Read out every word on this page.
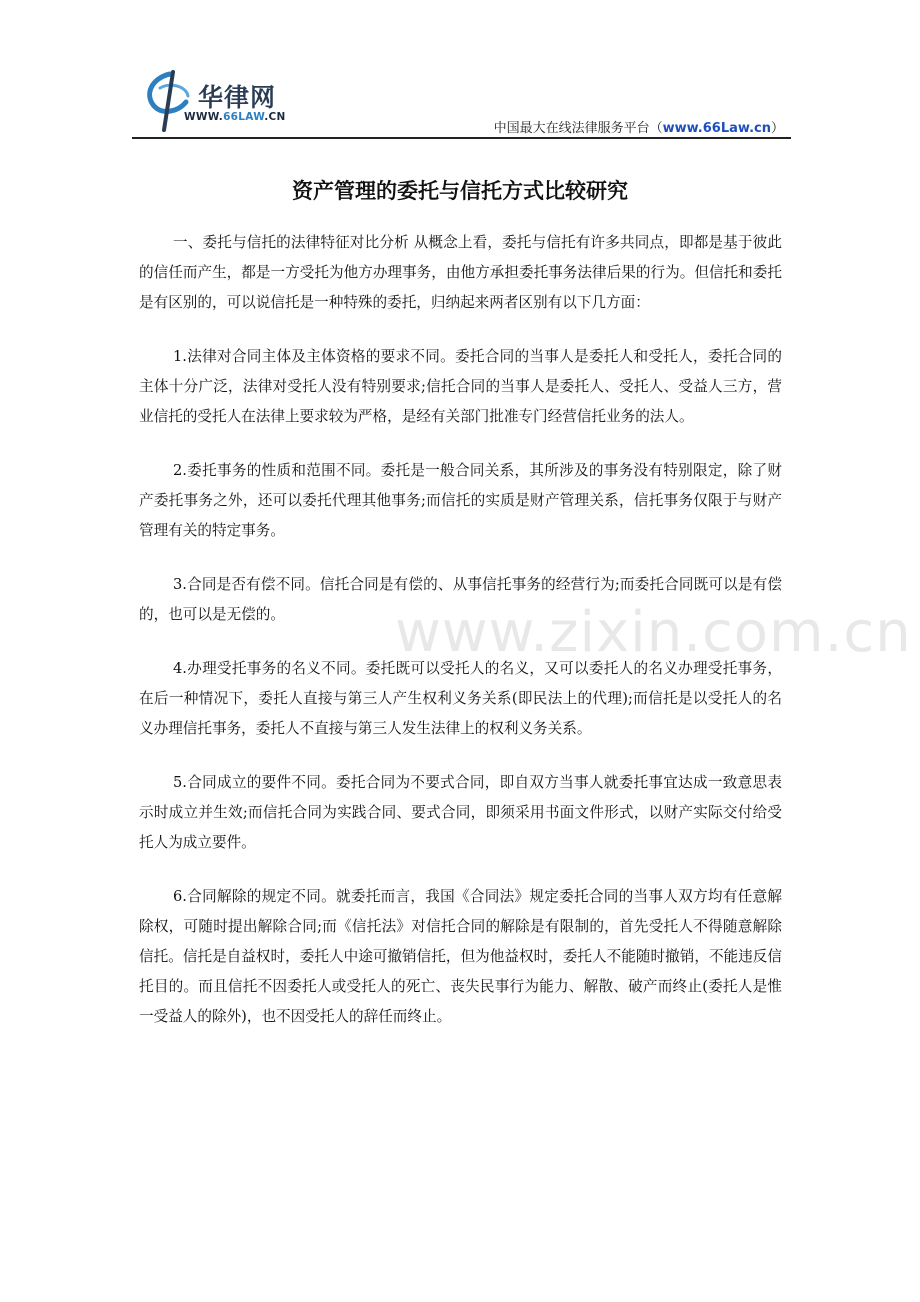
华律网
WWW.66LAW.CN
中国最大在线法律服务平台（www.66Law.cn）
资产管理的委托与信托方式比较研究

一、委托与信托的法律特征对比分析 从概念上看，委托与信托有许多共同点，即都是基于彼此的信任而产生，都是一方受托为他方办理事务，由他方承担委托事务法律后果的行为。但信托和委托是有区别的，可以说信托是一种特殊的委托，归纳起来两者区别有以下几方面：

1.法律对合同主体及主体资格的要求不同。委托合同的当事人是委托人和受托人，委托合同的主体十分广泛，法律对受托人没有特别要求;信托合同的当事人是委托人、受托人、受益人三方，营业信托的受托人在法律上要求较为严格，是经有关部门批准专门经营信托业务的法人。

2.委托事务的性质和范围不同。委托是一般合同关系，其所涉及的事务没有特别限定，除了财产委托事务之外，还可以委托代理其他事务;而信托的实质是财产管理关系，信托事务仅限于与财产管理有关的特定事务。

3.合同是否有偿不同。信托合同是有偿的、从事信托事务的经营行为;而委托合同既可以是有偿的，也可以是无偿的。

4.办理受托事务的名义不同。委托既可以受托人的名义，又可以委托人的名义办理受托事务，在后一种情况下，委托人直接与第三人产生权利义务关系(即民法上的代理);而信托是以受托人的名义办理信托事务，委托人不直接与第三人发生法律上的权利义务关系。

5.合同成立的要件不同。委托合同为不要式合同，即自双方当事人就委托事宜达成一致意思表示时成立并生效;而信托合同为实践合同、要式合同，即须采用书面文件形式，以财产实际交付给受托人为成立要件。

6.合同解除的规定不同。就委托而言，我国《合同法》规定委托合同的当事人双方均有任意解除权，可随时提出解除合同;而《信托法》对信托合同的解除是有限制的，首先受托人不得随意解除信托。信托是自益权时，委托人中途可撤销信托，但为他益权时，委托人不能随时撤销，不能违反信托目的。而且信托不因委托人或受托人的死亡、丧失民事行为能力、解散、破产而终止(委托人是惟一受益人的除外)，也不因受托人的辞任而终止。

www.zixin.com.cn
